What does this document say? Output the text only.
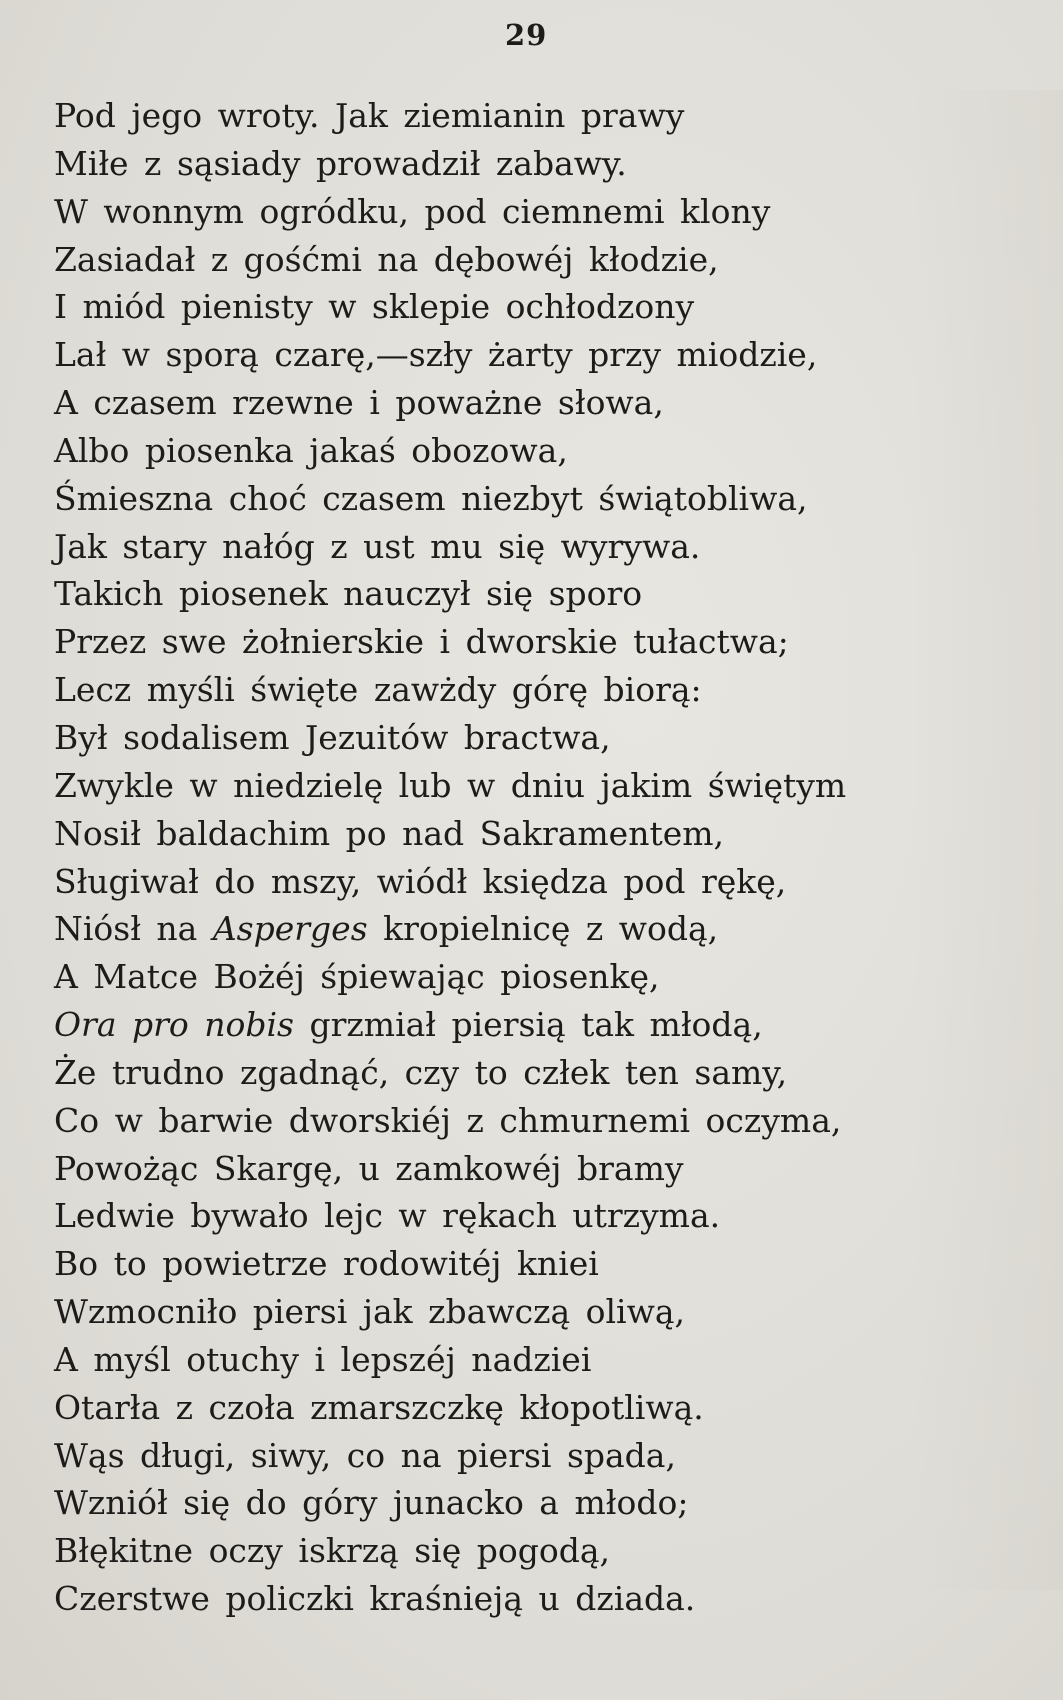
29
Pod jego wroty. Jak ziemianin prawy
Miłe z sąsiady prowadził zabawy.
W wonnym ogródku, pod ciemnemi klony
Zasiadał z gośćmi na dębowéj kłodzie,
I miód pienisty w sklepie ochłodzony
Lał w sporą czarę,—szły żarty przy miodzie,
A czasem rzewne i poważne słowa,
Albo piosenka jakaś obozowa,
Śmieszna choć czasem niezbyt świątobliwa,
Jak stary nałóg z ust mu się wyrywa.
Takich piosenek nauczył się sporo
Przez swe żołnierskie i dworskie tułactwa;
Lecz myśli święte zawżdy górę biorą:
Był sodalisem Jezuitów bractwa,
Zwykle w niedzielę lub w dniu jakim świętym
Nosił baldachim po nad Sakramentem,
Sługiwał do mszy, wiódł księdza pod rękę,
Niósł na Asperges kropielnicę z wodą,
A Matce Bożéj śpiewając piosenkę,
Ora pro nobis grzmiał piersią tak młodą,
Że trudno zgadnąć, czy to człek ten samy,
Co w barwie dworskiéj z chmurnemi oczyma,
Powożąc Skargę, u zamkowéj bramy
Ledwie bywało lejc w rękach utrzyma.
Bo to powietrze rodowitéj kniei
Wzmocniło piersi jak zbawczą oliwą,
A myśl otuchy i lepszéj nadziei
Otarła z czoła zmarszczkę kłopotliwą.
Wąs długi, siwy, co na piersi spada,
Wzniół się do góry junacko a młodo;
Błękitne oczy iskrzą się pogodą,
Czerstwe policzki kraśnieją u dziada.
